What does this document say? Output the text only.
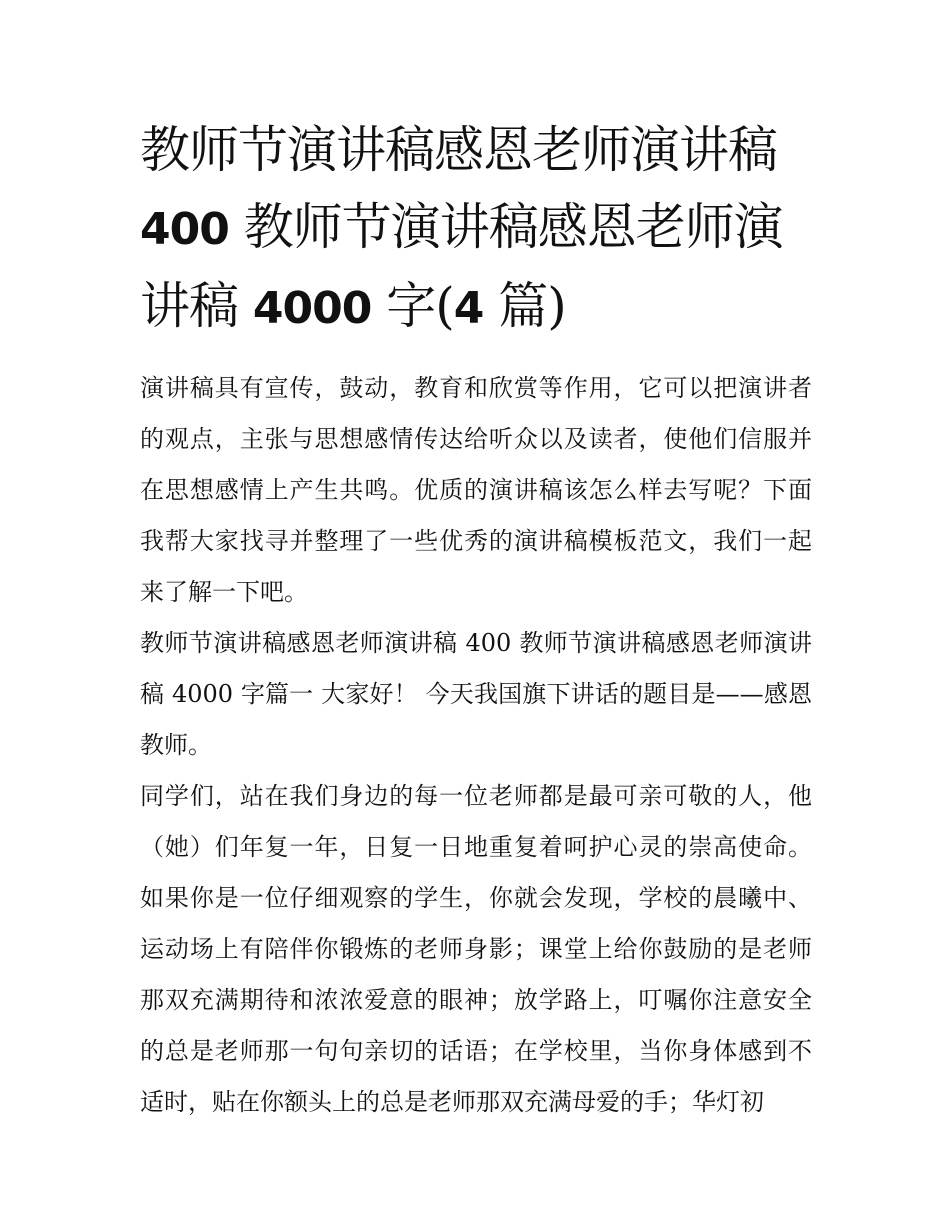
教师节演讲稿感恩老师演讲稿
400 教师节演讲稿感恩老师演
讲稿 4000 字(4 篇)
演讲稿具有宣传，鼓动，教育和欣赏等作用，它可以把演讲者
的观点，主张与思想感情传达给听众以及读者，使他们信服并
在思想感情上产生共鸣。优质的演讲稿该怎么样去写呢？下面
我帮大家找寻并整理了一些优秀的演讲稿模板范文，我们一起
来了解一下吧。
教师节演讲稿感恩老师演讲稿 400 教师节演讲稿感恩老师演讲
稿 4000 字篇一 大家好！ 今天我国旗下讲话的题目是——感恩
教师。
同学们，站在我们身边的每一位老师都是最可亲可敬的人，他
（她）们年复一年，日复一日地重复着呵护心灵的崇高使命。
如果你是一位仔细观察的学生，你就会发现，学校的晨曦中、
运动场上有陪伴你锻炼的老师身影；课堂上给你鼓励的是老师
那双充满期待和浓浓爱意的眼神；放学路上，叮嘱你注意安全
的总是老师那一句句亲切的话语；在学校里，当你身体感到不
适时，贴在你额头上的总是老师那双充满母爱的手；华灯初
